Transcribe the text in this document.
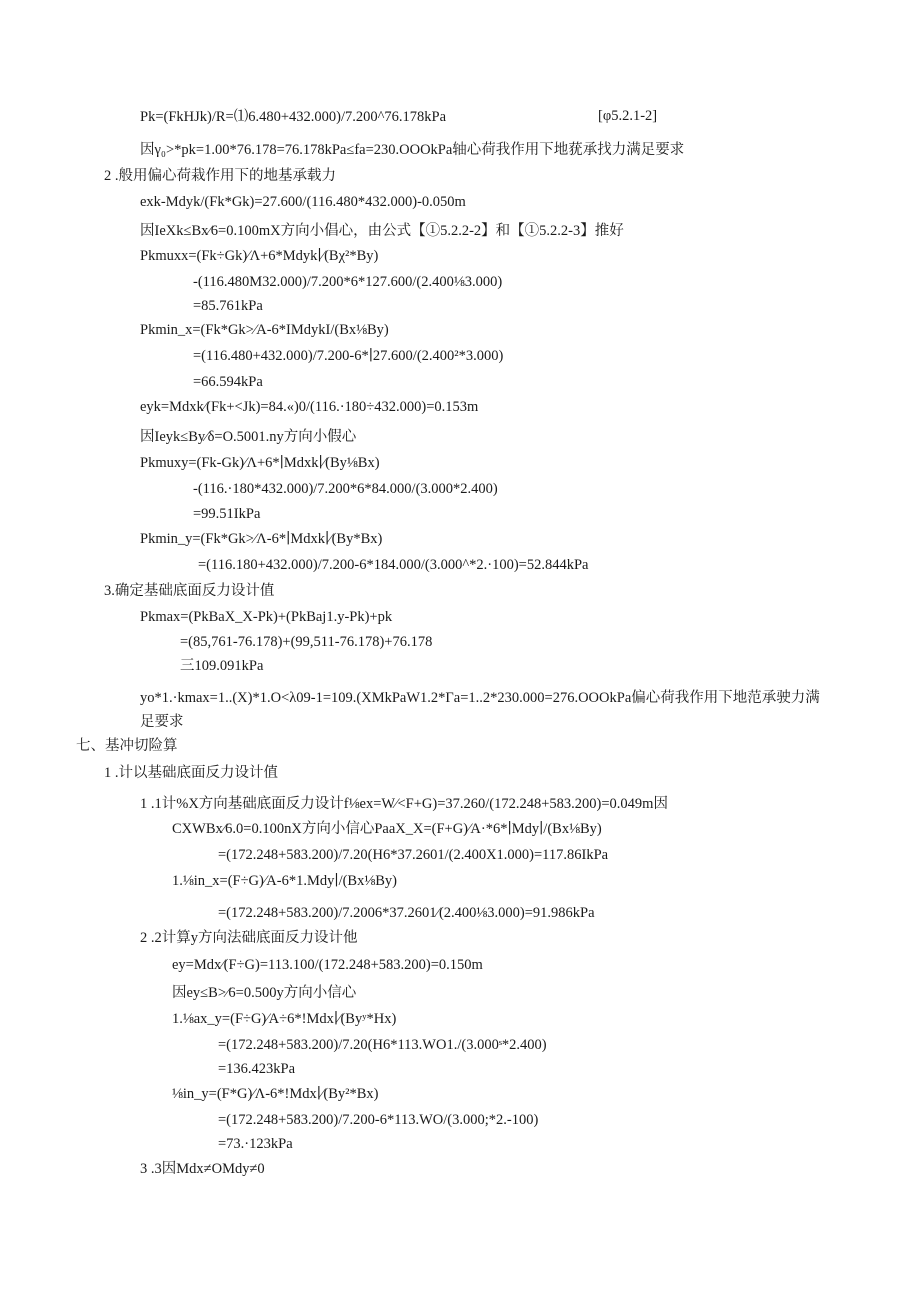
Pk=(FkHJk)/R=⑴6.480+432.000)/7.200^76.178kPa	[φ5.2.1-2]
因γ₀>*pk=1.00*76.178=76.178kPa≤fa=230.OOOkPa轴心荷我作用下地莸承找力满足要求
2 .般用偏心荷栽作用下的地基承载力
exk-Mdyk/(Fk*Gk)=27.600/(116.480*432.000)-0.050m
因IeXk≤Bx⁄6=0.100mX方向小倡心，由公式【①5.2.2-2】和【①5.2.2-3】推好
Pkmuxx=(Fk÷Gk)∕Λ+6*Mdyk∣∕(Bχ²*By)
-(116.480M32.000)/7.200*6*127.600/(2.400⅛3.000)
=85.761kPa
Pkmin_x=(Fk*Gk>∕A-6*IMdykI/(Bx⅛By)
=(116.480+432.000)/7.200-6*∣27.600/(2.400²*3.000)
=66.594kPa
eyk=Mdxk∕(Fk+<Jk)=84.«)0/(116.·180÷432.000)=0.153m
因Ieyk≤By∕δ=O.5001.ny方向小假心
Pkmuxy=(Fk-Gk)∕Λ+6*∣Mdxk∣∕(By⅛Bx)
-(116.·180*432.000)/7.200*6*84.000/(3.000*2.400)
=99.51IkPa
Pkmin_y=(Fk*Gk>∕Λ-6*∣Mdxk∣∕(By*Bx)
=(116.180+432.000)/7.200-6*184.000/(3.000^*2.·100)=52.844kPa
3.确定基础底面反力设计值
Pkmax=(PkBaX_X-Pk)+(PkBaj1.y-Pk)+pk
=(85,761-76.178)+(99,511-76.178)+76.178
三109.091kPa
yo*1.·kmax=1..(X)*1.O<λ09-1=109.(XMkPaW1.2*Γa=1..2*230.000=276.OOOkPa偏心荷我作用下地范承驶力满足要求
七、基冲切险算
1 .计以基础底面反力设计值
1 .1计%X方向基础底面反力设计f⅛ex=W∕<F+G)=37.260/(172.248+583.200)=0.049m因
CXWBx∕6.0=0.100nX方向小信心PaaX_X=(F+G)∕A·*6*∣Mdy∣/(Bx⅛By)
=(172.248+583.200)/7.20(H6*37.2601/(2.400X1.000)=117.86IkPa
1.⅛in_x=(F÷G)∕A-6*1.Mdy∣/(Bx⅛By)
=(172.248+583.200)/7.2006*37.2601∕(2.400⅛3.000)=91.986kPa
2 .2计算y方向法础底面反力设计他
ey=Mdx∕(F÷G)=113.100/(172.248+583.200)=0.150m
因ey≤B>∕6=0.500y方向小信心
1.⅛ax_y=(F÷G)∕A÷6*!Mdx∣∕(Byʸ*Hx)
=(172.248+583.200)/7.20(H6*113.WO1./(3.000ˢ*2.400)
=136.423kPa
⅛in_y=(F*G)∕Λ-6*!Mdx∣∕(By²*Bx)
=(172.248+583.200)/7.200-6*113.WO/(3.000;*2.-100)
=73.·123kPa
3 .3因Mdx≠OMdy≠0
